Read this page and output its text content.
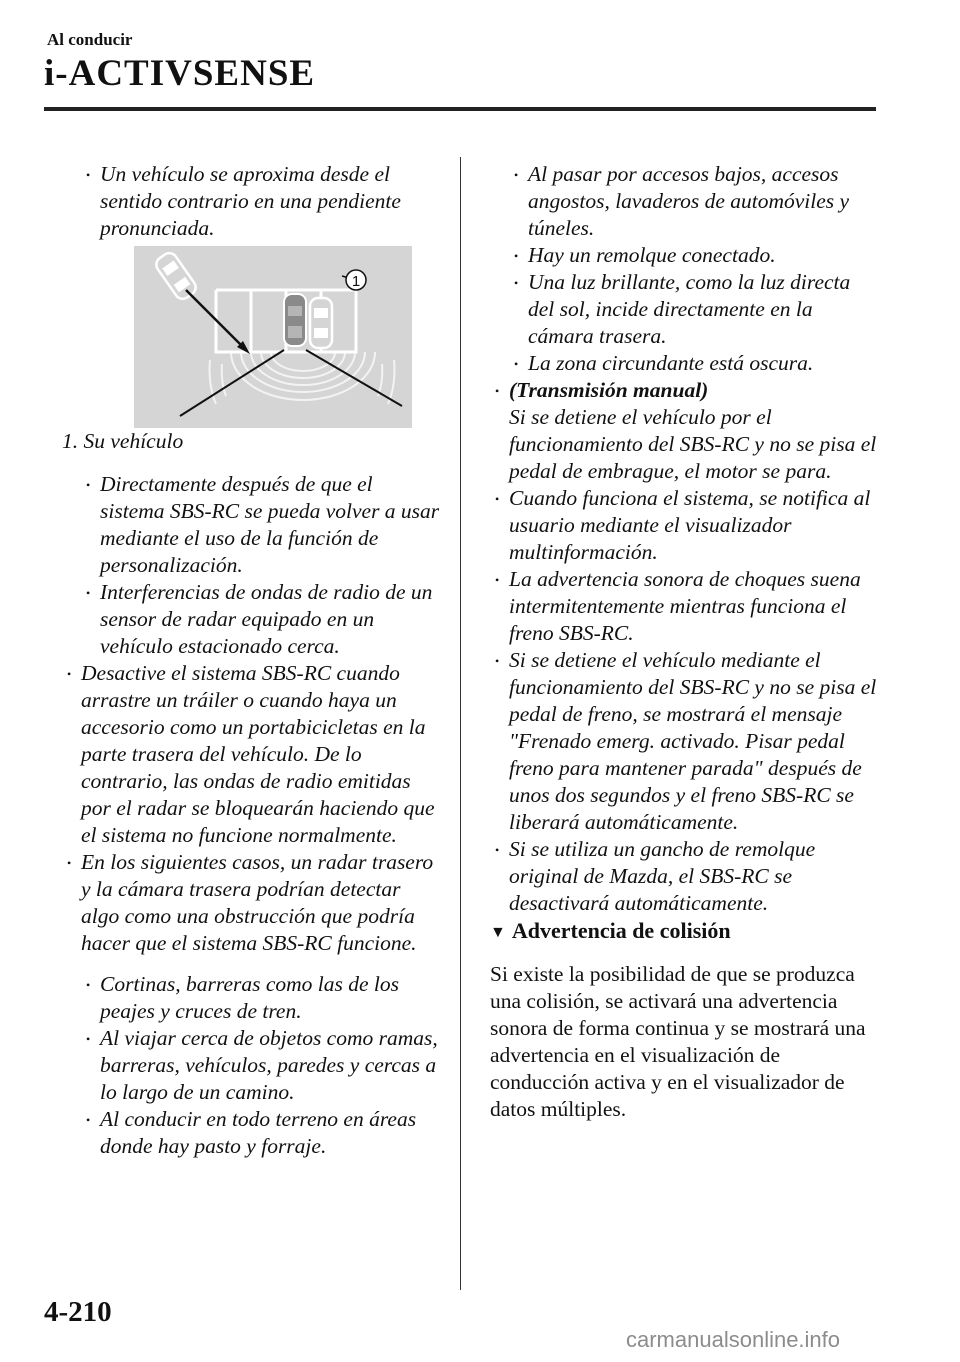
Al conducir
i-ACTIVSENSE

• Un vehículo se aproxima desde el sentido contrario en una pendiente pronunciada.

1

1. Su vehículo

• Directamente después de que el sistema SBS-RC se pueda volver a usar mediante el uso de la función de personalización.

• Interferencias de ondas de radio de un sensor de radar equipado en un vehículo estacionado cerca.

• Desactive el sistema SBS-RC cuando arrastre un tráiler o cuando haya un accesorio como un portabicicletas en la parte trasera del vehículo. De lo contrario, las ondas de radio emitidas por el radar se bloquearán haciendo que el sistema no funcione normalmente.

• En los siguientes casos, un radar trasero y la cámara trasera podrían detectar algo como una obstrucción que podría hacer que el sistema SBS-RC funcione.

• Cortinas, barreras como las de los peajes y cruces de tren.

• Al viajar cerca de objetos como ramas, barreras, vehículos, paredes y cercas a lo largo de un camino.

• Al conducir en todo terreno en áreas donde hay pasto y forraje.

• Al pasar por accesos bajos, accesos angostos, lavaderos de automóviles y túneles.

• Hay un remolque conectado.

• Una luz brillante, como la luz directa del sol, incide directamente en la cámara trasera.

• La zona circundante está oscura.

• (Transmisión manual)
Si se detiene el vehículo por el funcionamiento del SBS-RC y no se pisa el pedal de embrague, el motor se para.

• Cuando funciona el sistema, se notifica al usuario mediante el visualizador multinformación.

• La advertencia sonora de choques suena intermitentemente mientras funciona el freno SBS-RC.

• Si se detiene el vehículo mediante el funcionamiento del SBS-RC y no se pisa el pedal de freno, se mostrará el mensaje "Frenado emerg. activado. Pisar pedal freno para mantener parada" después de unos dos segundos y el freno SBS-RC se liberará automáticamente.

• Si se utiliza un gancho de remolque original de Mazda, el SBS-RC se desactivará automáticamente.

▼ Advertencia de colisión

Si existe la posibilidad de que se produzca una colisión, se activará una advertencia sonora de forma continua y se mostrará una advertencia en el visualización de conducción activa y en el visualizador de datos múltiples.

4-210
carmanualsonline.info
